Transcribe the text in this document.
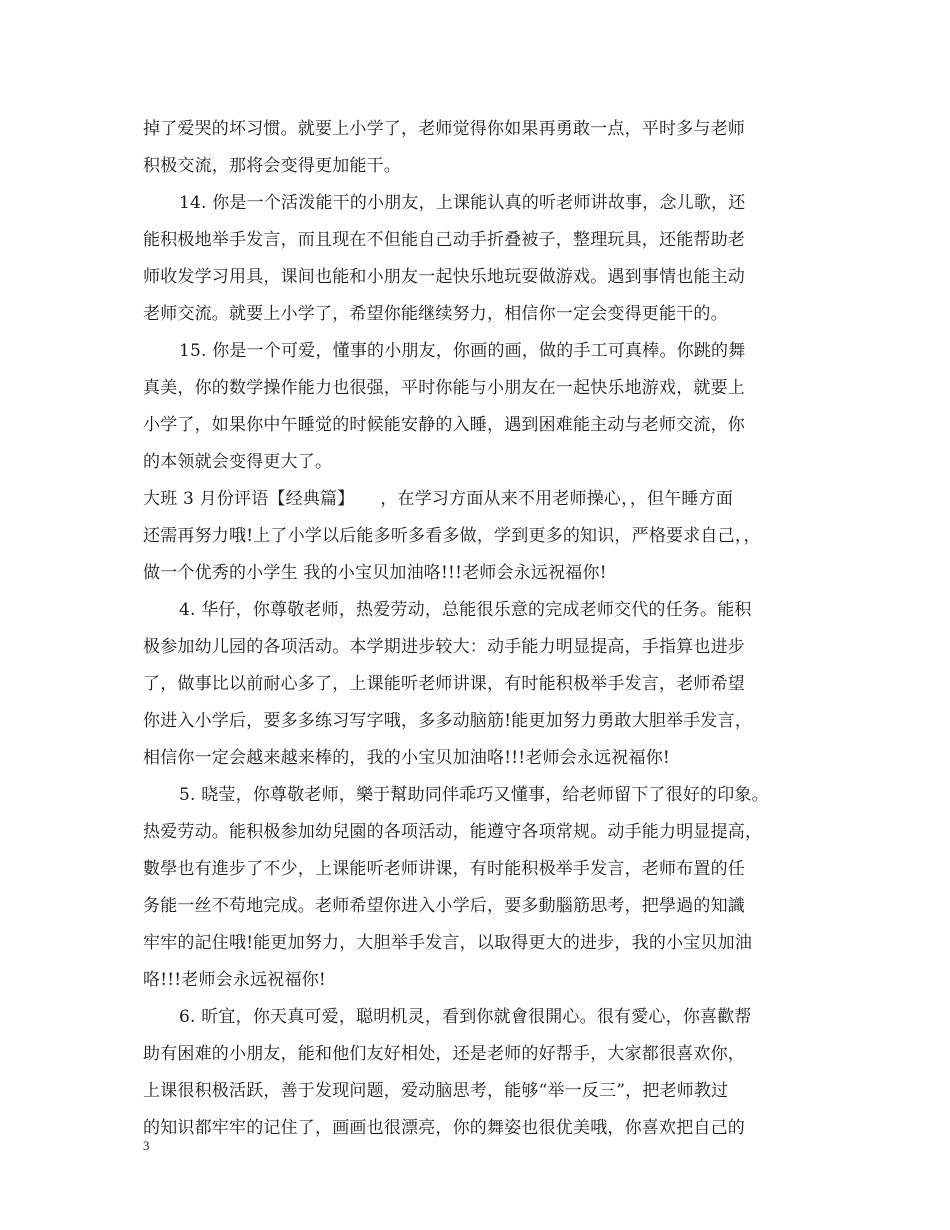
掉了爱哭的坏习惯。就要上小学了，老师觉得你如果再勇敢一点，平时多与老师
积极交流，那将会变得更加能干。
14. 你是一个活泼能干的小朋友，上课能认真的听老师讲故事，念儿歌，还
能积极地举手发言，而且现在不但能自己动手折叠被子，整理玩具，还能帮助老
师收发学习用具，课间也能和小朋友一起快乐地玩耍做游戏。遇到事情也能主动
老师交流。就要上小学了，希望你能继续努力，相信你一定会变得更能干的。
15. 你是一个可爱，懂事的小朋友，你画的画，做的手工可真棒。你跳的舞
真美，你的数学操作能力也很强，平时你能与小朋友在一起快乐地游戏，就要上
小学了，如果你中午睡觉的时候能安静的入睡，遇到困难能主动与老师交流，你
的本领就会变得更大了。
大班 3 月份评语【经典篇】　　，在学习方面从来不用老师操心，，但午睡方面
还需再努力哦!上了小学以后能多听多看多做，学到更多的知识，严格要求自己，，
做一个优秀的小学生 我的小宝贝加油咯!!!老师会永远祝福你!
4. 华仔，你尊敬老师，热爱劳动，总能很乐意的完成老师交代的任务。能积
极参加幼儿园的各项活动。本学期进步较大：动手能力明显提高，手指算也进步
了，做事比以前耐心多了，上课能听老师讲课，有时能积极举手发言，老师希望
你进入小学后，要多多练习写字哦，多多动脑筋!能更加努力勇敢大胆举手发言，
相信你一定会越来越来棒的，我的小宝贝加油咯!!!老师会永远祝福你!
5. 晓莹，你尊敬老师，樂于幫助同伴乖巧又懂事，给老师留下了很好的印象。
热爱劳动。能积极参加幼兒園的各项活动，能遵守各项常规。动手能力明显提高，
數學也有進步了不少，上课能听老师讲课，有时能积极举手发言，老师布置的任
务能一丝不苟地完成。老师希望你进入小学后，要多動腦筋思考，把學過的知識
牢牢的記住哦!能更加努力，大胆举手发言，以取得更大的进步，我的小宝贝加油
咯!!!老师会永远祝福你!
6. 昕宜，你天真可爱，聪明机灵，看到你就會很開心。很有愛心，你喜歡帮
助有困难的小朋友，能和他们友好相处，还是老师的好帮手，大家都很喜欢你，
上课很积极活跃，善于发现问题，爱动脑思考，能够“举一反三”，把老师教过
的知识都牢牢的记住了，画画也很漂亮，你的舞姿也很优美哦，你喜欢把自己的
3
